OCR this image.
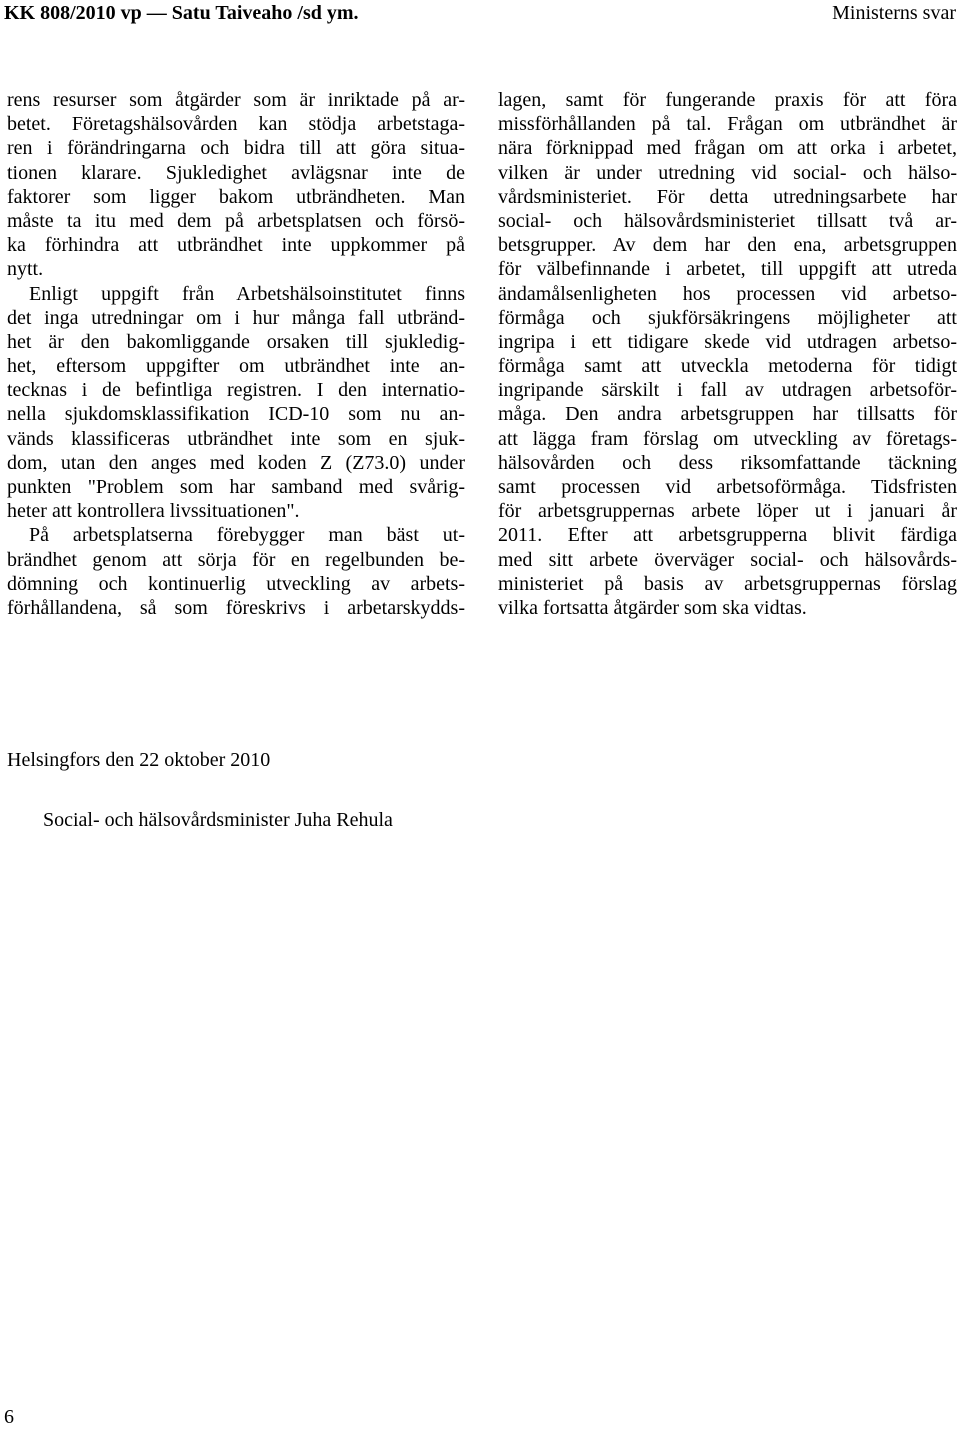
KK 808/2010 vp — Satu Taiveaho /sd ym.	Ministerns svar
rens resurser som åtgärder som är inriktade på ar-
betet. Företagshälsovården kan stödja arbetstaga-
ren i förändringarna och bidra till att göra situa-
tionen klarare. Sjukledighet avlägsnar inte de
faktorer som ligger bakom utbrändheten. Man
måste ta itu med dem på arbetsplatsen och försö-
ka förhindra att utbrändhet inte uppkommer på
nytt.
Enligt uppgift från Arbetshälsoinstitutet finns
det inga utredningar om i hur många fall utbränd-
het är den bakomliggande orsaken till sjukledig-
het, eftersom uppgifter om utbrändhet inte an-
tecknas i de befintliga registren. I den internatio-
nella sjukdomsklassifikation ICD-10 som nu an-
vänds klassificeras utbrändhet inte som en sjuk-
dom, utan den anges med koden Z (Z73.0) under
punkten "Problem som har samband med svårig-
heter att kontrollera livssituationen".
På arbetsplatserna förebygger man bäst ut-
brändhet genom att sörja för en regelbunden be-
dömning och kontinuerlig utveckling av arbets-
förhållandena, så som föreskrivs i arbetarskydds-
lagen, samt för fungerande praxis för att föra
missförhållanden på tal. Frågan om utbrändhet är
nära förknippad med frågan om att orka i arbetet,
vilken är under utredning vid social- och hälso-
vårdsministeriet. För detta utredningsarbete har
social- och hälsovårdsministeriet tillsatt två ar-
betsgrupper. Av dem har den ena, arbetsgruppen
för välbefinnande i arbetet, till uppgift att utreda
ändamålsenligheten hos processen vid arbetso-
förmåga och sjukförsäkringens möjligheter att
ingripa i ett tidigare skede vid utdragen arbetso-
förmåga samt att utveckla metoderna för tidigt
ingripande särskilt i fall av utdragen arbetsoför-
måga. Den andra arbetsgruppen har tillsatts för
att lägga fram förslag om utveckling av företags-
hälsovården och dess riksomfattande täckning
samt processen vid arbetsoförmåga. Tidsfristen
för arbetsgruppernas arbete löper ut i januari år
2011. Efter att arbetsgrupperna blivit färdiga
med sitt arbete överväger social- och hälsovårds-
ministeriet på basis av arbetsgruppernas förslag
vilka fortsatta åtgärder som ska vidtas.
Helsingfors den 22 oktober 2010
Social- och hälsovårdsminister Juha Rehula
6
